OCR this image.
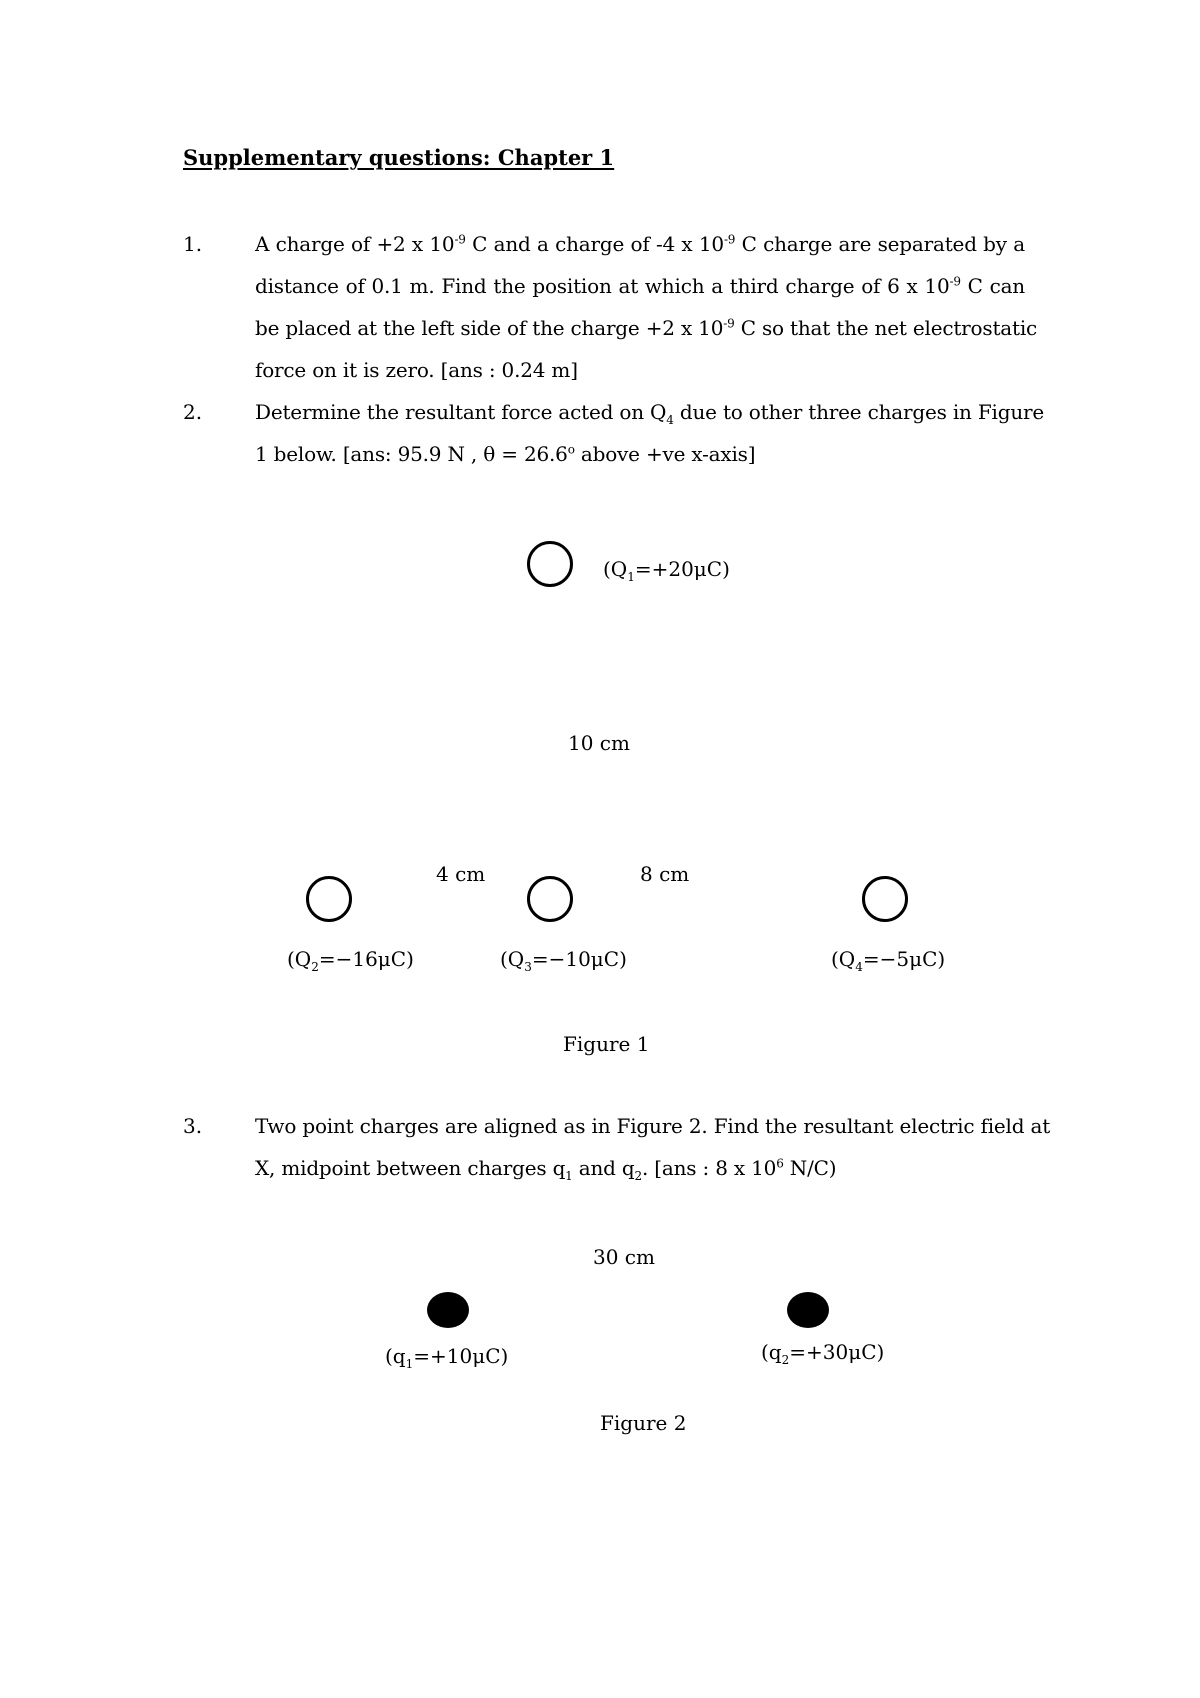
Supplementary questions: Chapter 1
1.	A charge of +2 x $10^{-9}$ C and a charge of -4 x $10^{-9}$ C charge are separated by a
distance of 0.1 m. Find the position at which a third charge of 6 x $10^{-9}$ C can
be placed at the left side of the charge +2 x $10^{-9}$ C so that the net electrostatic
force on it is zero. [ans : 0.24 m]
2.	Determine the resultant force acted on $Q_4$ due to other three charges in Figure
1 below. [ans: 95.9 N , $\theta = 26.6^o$ above +ve x-axis]
$(Q_1=+20\mu C)$
10 cm
4 cm	8 cm
$(Q_2=-16\mu C)$	$(Q_3=-10\mu C)$	$(Q_4=-5\mu C)$
Figure 1
3.	Two point charges are aligned as in Figure 2. Find the resultant electric field at
X, midpoint between charges $q_1$ and $q_2$. [ans : 8 x $10^6$ N/C)
30 cm
$(q_1=+10\mu C)$	$(q_2=+30\mu C)$
Figure 2
